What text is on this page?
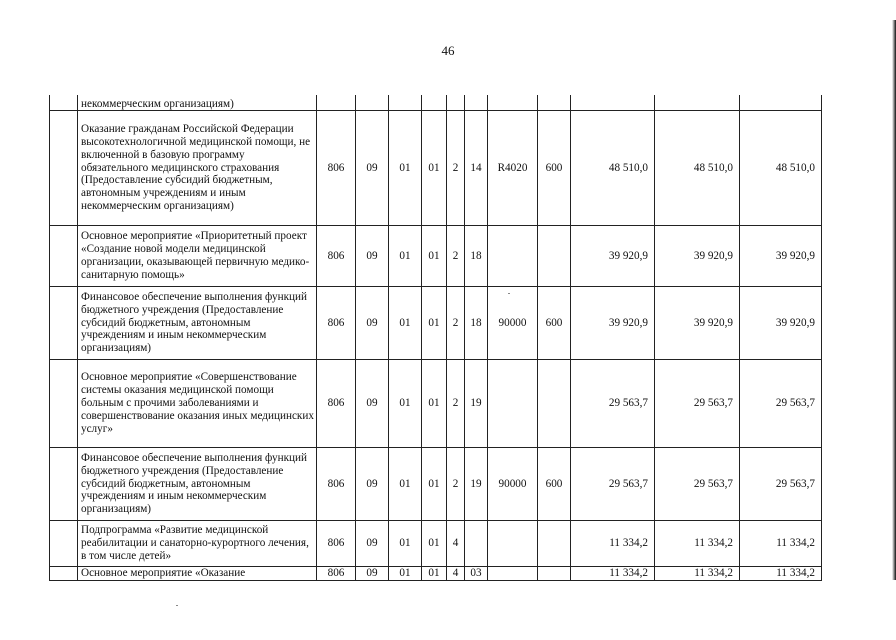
46
	некоммерческим организациям)											
	Оказание гражданам Российской Федерации высокотехнологичной медицинской помощи, не включенной в базовую программу обязательного медицинского страхования (Предоставление субсидий бюджетным, автономным учреждениям и иным некоммерческим организациям)	806	09	01	01	2	14	R4020	600	48 510,0	48 510,0	48 510,0
	Основное мероприятие «Приоритетный проект «Создание новой модели медицинской организации, оказывающей первичную медико-санитарную помощь»	806	09	01	01	2	18			39 920,9	39 920,9	39 920,9
	Финансовое обеспечение выполнения функций бюджетного учреждения (Предоставление субсидий бюджетным, автономным учреждениям и иным некоммерческим организациям)	806	09	01	01	2	18	90000	600	39 920,9	39 920,9	39 920,9
	Основное мероприятие «Совершенствование системы оказания медицинской помощи больным с прочими заболеваниями и совершенствование оказания иных медицинских услуг»	806	09	01	01	2	19			29 563,7	29 563,7	29 563,7
	Финансовое обеспечение выполнения функций бюджетного учреждения (Предоставление субсидий бюджетным, автономным учреждениям и иным некоммерческим организациям)	806	09	01	01	2	19	90000	600	29 563,7	29 563,7	29 563,7
	Подпрограмма «Развитие медицинской реабилитации и санаторно-курортного лечения, в том числе детей»	806	09	01	01	4				11 334,2	11 334,2	11 334,2
	Основное мероприятие «Оказание	806	09	01	01	4	03			11 334,2	11 334,2	11 334,2
